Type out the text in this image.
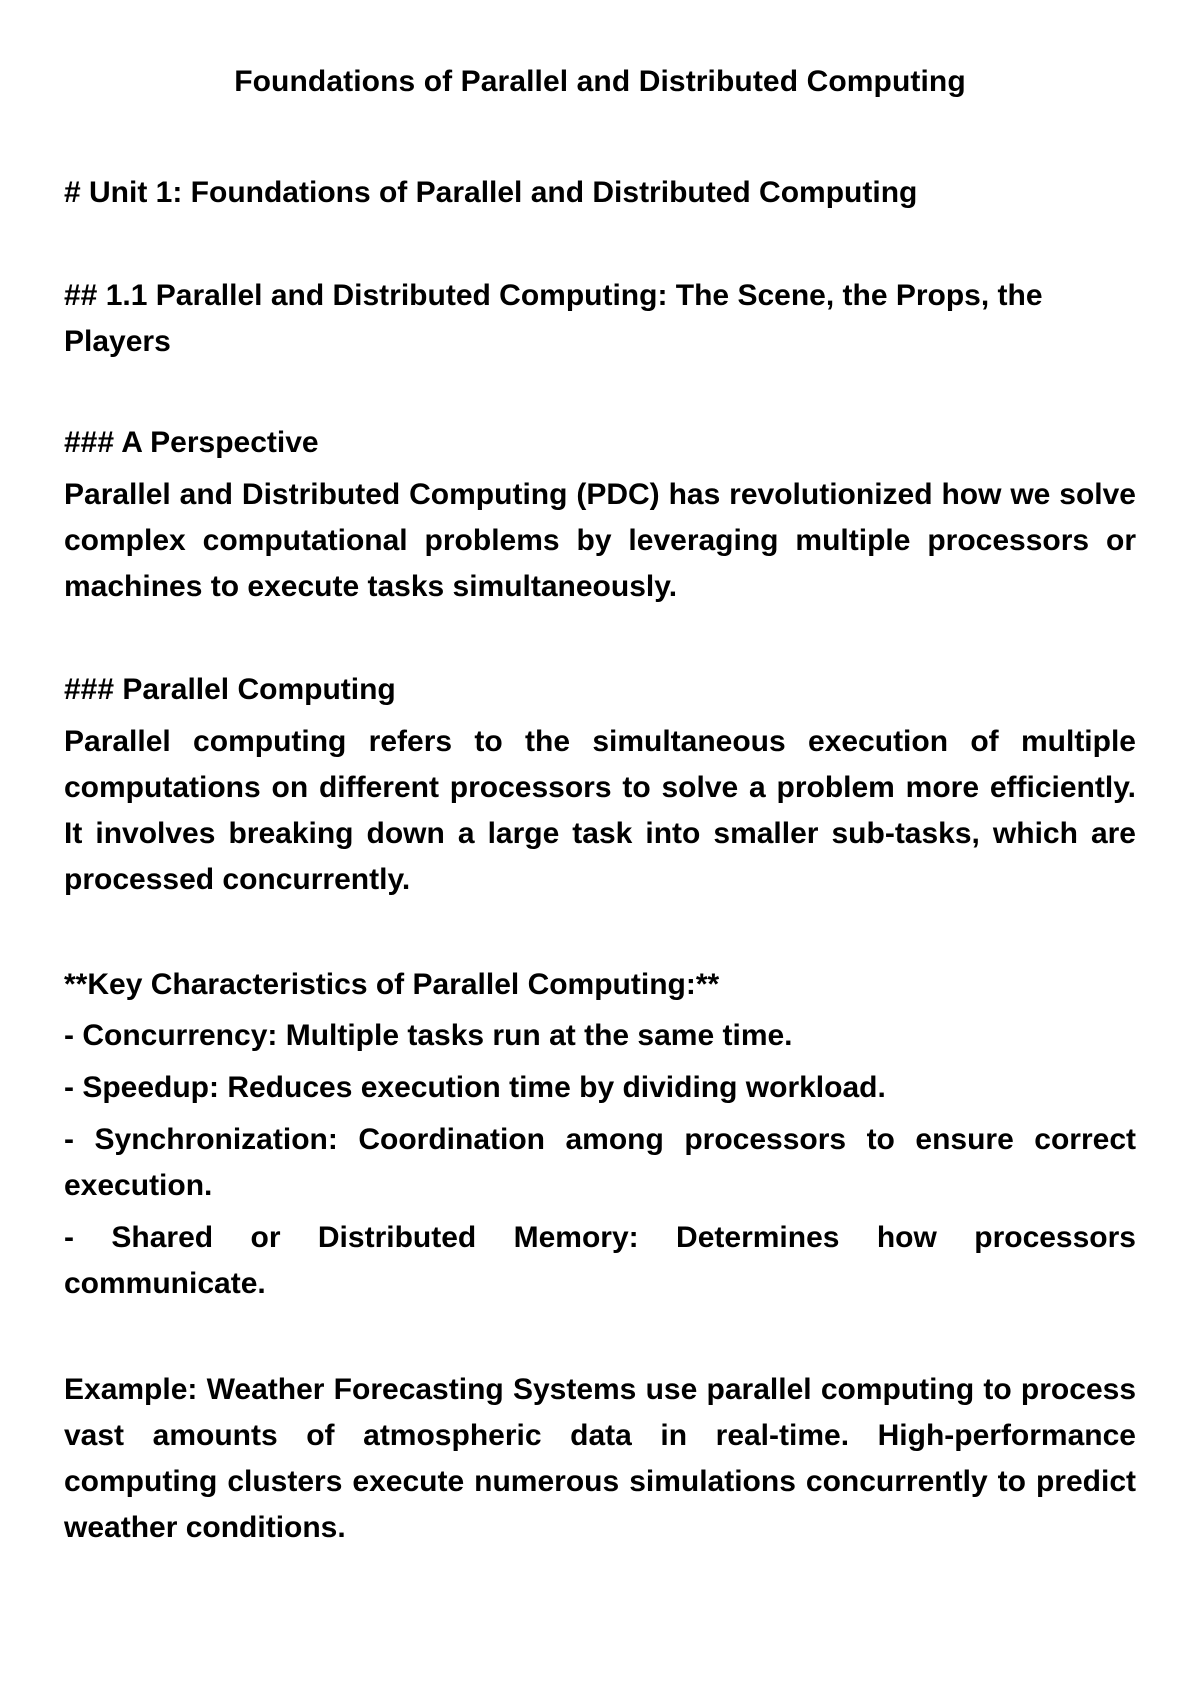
Foundations of Parallel and Distributed Computing

# Unit 1: Foundations of Parallel and Distributed Computing

## 1.1 Parallel and Distributed Computing: The Scene, the Props, the Players

### A Perspective

Parallel and Distributed Computing (PDC) has revolutionized how we solve complex computational problems by leveraging multiple processors or machines to execute tasks simultaneously.

### Parallel Computing

Parallel computing refers to the simultaneous execution of multiple computations on different processors to solve a problem more efficiently. It involves breaking down a large task into smaller sub-tasks, which are processed concurrently.

**Key Characteristics of Parallel Computing:**

- Concurrency: Multiple tasks run at the same time.
- Speedup: Reduces execution time by dividing workload.
- Synchronization: Coordination among processors to ensure correct execution.
- Shared or Distributed Memory: Determines how processors communicate.

Example: Weather Forecasting Systems use parallel computing to process vast amounts of atmospheric data in real-time. High-performance computing clusters execute numerous simulations concurrently to predict weather conditions.
